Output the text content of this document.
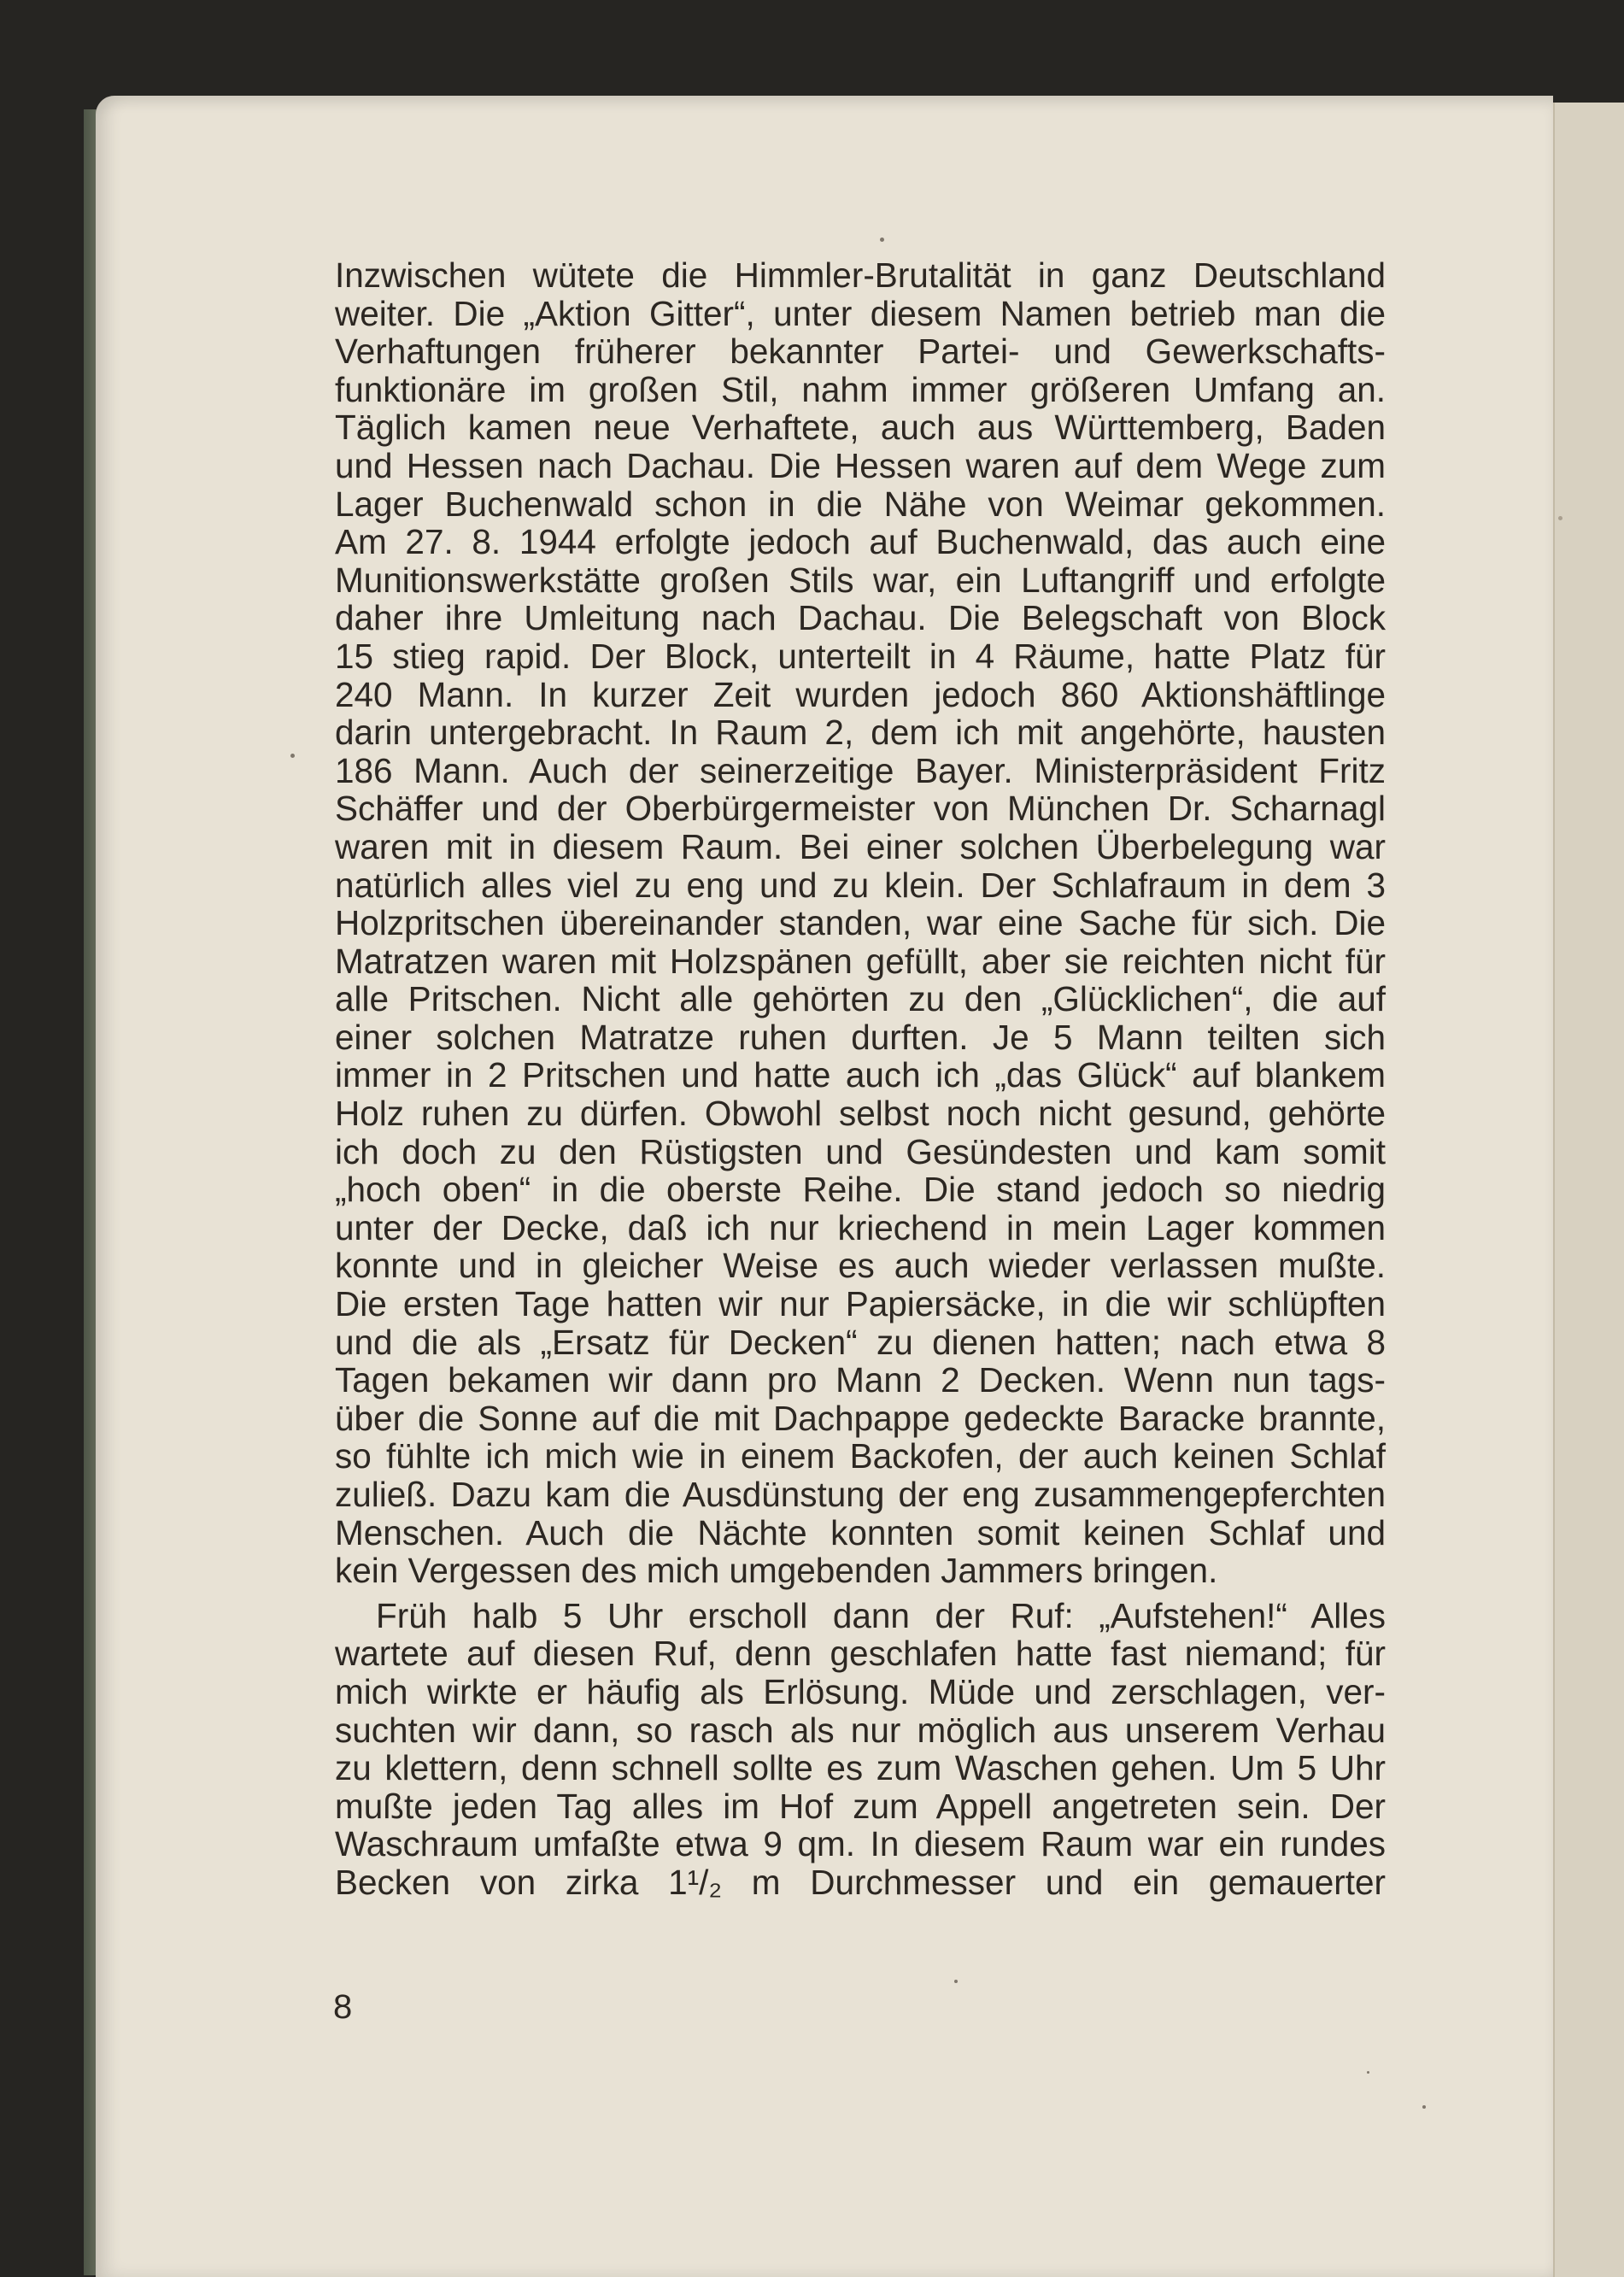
Inzwischen wütete die Himmler-Brutalität in ganz Deutschland
weiter. Die „Aktion Gitter“, unter diesem Namen betrieb man die
Verhaftungen früherer bekannter Partei- und Gewerkschafts-
funktionäre im großen Stil, nahm immer größeren Umfang an.
Täglich kamen neue Verhaftete, auch aus Württemberg, Baden
und Hessen nach Dachau. Die Hessen waren auf dem Wege zum
Lager Buchenwald schon in die Nähe von Weimar gekommen.
Am 27. 8. 1944 erfolgte jedoch auf Buchenwald, das auch eine
Munitionswerkstätte großen Stils war, ein Luftangriff und erfolgte
daher ihre Umleitung nach Dachau. Die Belegschaft von Block
15 stieg rapid. Der Block, unterteilt in 4 Räume, hatte Platz für
240 Mann. In kurzer Zeit wurden jedoch 860 Aktionshäftlinge
darin untergebracht. In Raum 2, dem ich mit angehörte, hausten
186 Mann. Auch der seinerzeitige Bayer. Ministerpräsident Fritz
Schäffer und der Oberbürgermeister von München Dr. Scharnagl
waren mit in diesem Raum. Bei einer solchen Überbelegung war
natürlich alles viel zu eng und zu klein. Der Schlafraum in dem 3
Holzpritschen übereinander standen, war eine Sache für sich. Die
Matratzen waren mit Holzspänen gefüllt, aber sie reichten nicht für
alle Pritschen. Nicht alle gehörten zu den „Glücklichen“, die auf
einer solchen Matratze ruhen durften. Je 5 Mann teilten sich
immer in 2 Pritschen und hatte auch ich „das Glück“ auf blankem
Holz ruhen zu dürfen. Obwohl selbst noch nicht gesund, gehörte
ich doch zu den Rüstigsten und Gesündesten und kam somit
„hoch oben“ in die oberste Reihe. Die stand jedoch so niedrig
unter der Decke, daß ich nur kriechend in mein Lager kommen
konnte und in gleicher Weise es auch wieder verlassen mußte.
Die ersten Tage hatten wir nur Papiersäcke, in die wir schlüpften
und die als „Ersatz für Decken“ zu dienen hatten; nach etwa 8
Tagen bekamen wir dann pro Mann 2 Decken. Wenn nun tags-
über die Sonne auf die mit Dachpappe gedeckte Baracke brannte,
so fühlte ich mich wie in einem Backofen, der auch keinen Schlaf
zuließ. Dazu kam die Ausdünstung der eng zusammengepferchten
Menschen. Auch die Nächte konnten somit keinen Schlaf und
kein Vergessen des mich umgebenden Jammers bringen.
Früh halb 5 Uhr erscholl dann der Ruf: „Aufstehen!“ Alles
wartete auf diesen Ruf, denn geschlafen hatte fast niemand; für
mich wirkte er häufig als Erlösung. Müde und zerschlagen, ver-
suchten wir dann, so rasch als nur möglich aus unserem Verhau
zu klettern, denn schnell sollte es zum Waschen gehen. Um 5 Uhr
mußte jeden Tag alles im Hof zum Appell angetreten sein. Der
Waschraum umfaßte etwa 9 qm. In diesem Raum war ein rundes
Becken von zirka 1¹/₂ m Durchmesser und ein gemauerter
8
